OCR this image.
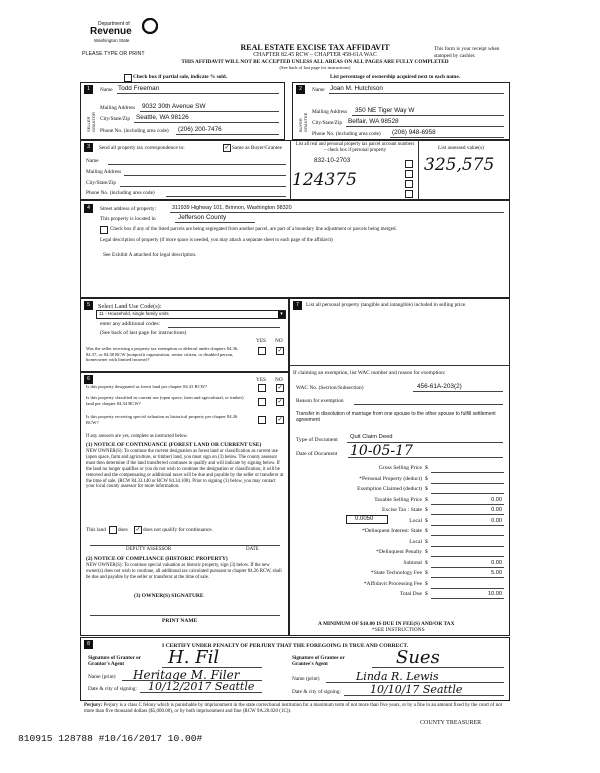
Department of
Revenue
Washington State
PLEASE TYPE OR PRINT
REAL ESTATE EXCISE TAX AFFIDAVIT
CHAPTER 82.45 RCW – CHAPTER 458-61A WAC
THIS AFFIDAVIT WILL NOT BE ACCEPTED UNLESS ALL AREAS ON ALL PAGES ARE FULLY COMPLETED
(See back of last page for instructions)
This form is your receipt when stamped by cashier.
Check box if partial sale, indicate % sold.	List percentage of ownership acquired next to each name.
1	2
SELLER GRANTOR	BUYER GRANTEE
Name Todd Freeman
Mailing Address 9032 30th Avenue SW
City/State/Zip Seattle, WA 98126
Phone No. (including area code) (206) 200-7476
Name Joan M. Hutchison
Mailing Address 350 NE Tiger Way W
City/State/Zip Belfair, WA 98528
Phone No. (including area code) (206) 948-6958
3	Send all property tax correspondence to:	✓ Same as Buyer/Grantee
Name
Mailing Address
City/State/Zip
Phone No. (including area code)
List all real and personal property tax parcel account numbers – check box if personal property
832-10-2703
124375
List assessed value(s)
325,575
4	Street address of property:	311939 Highway 101, Brinnon, Washington 98320
This property is located in	Jefferson County
Check box if any of the listed parcels are being segregated from another parcel, are part of a boundary line adjustment or parcels being merged.
Legal description of property (if more space is needed, you may attach a separate sheet to each page of the affidavit)
See Exhibit A attached for legal description.
5	Select Land Use Code(s):
11 - Household, single family units	▾
enter any additional codes:
(See back of last page for instructions)
YES NO
Was the seller receiving a property tax exemption or deferral under chapters 84.36, 84.37, or 84.38 RCW (nonprofit organization, senior citizen, or disabled person, homeowner with limited income)?
✓
6	YES NO
Is this property designated as forest land per chapter 84.33 RCW?	✓
Is this property classified as current use (open space, farm and agricultural, or timber) land per chapter 84.34 RCW?	✓
Is this property receiving special valuation as historical property per chapter 84.26 RCW?	✓
If any answers are yes, complete as instructed below.
(1) NOTICE OF CONTINUANCE (FOREST LAND OR CURRENT USE)
NEW OWNER(S): To continue the current designation as forest land or classification as current use (open space, farm and agriculture, or timber) land, you must sign on (3) below. The county assessor must then determine if the land transferred continues to qualify and will indicate by signing below. If the land no longer qualifies or you do not wish to continue the designation or classification, it will be removed and the compensating or additional taxes will be due and payable by the seller or transferor at the time of sale. (RCW 84.33.140 or RCW 84.34.108). Prior to signing (3) below, you may contact your local county assessor for more information.
This land does ✓ does not qualify for continuance.
DEPUTY ASSESSOR	DATE
(2) NOTICE OF COMPLIANCE (HISTORIC PROPERTY)
NEW OWNER(S): To continue special valuation as historic property, sign (3) below. If the new owner(s) does not wish to continue, all additional tax calculated pursuant to chapter 84.26 RCW, shall be due and payable by the seller or transferor at the time of sale.
(3) OWNER(S) SIGNATURE
PRINT NAME
7	List all personal property (tangible and intangible) included in selling price.
If claiming an exemption, list WAC number and reason for exemption:
WAC No. (Section/Subsection)	456-61A-203(2)
Reason for exemption
Transfer in dissolution of marriage from one spouse to the other spouse to fulfill settlement agreement
Type of Document Quit Claim Deed
Date of Document 10-05-17
Gross Selling Price $
*Personal Property (deduct) $
Exemption Claimed (deduct) $
Taxable Selling Price $	0.00
Excise Tax : State $	0.00
Local $	0.00
*Delinquent Interest: State $
Local $
*Delinquent Penalty $
Subtotal $	0.00
*State Technology Fee $	5.00
*Affidavit Processing Fee $
Total Due $	10.00
0.0050
A MINIMUM OF $10.00 IS DUE IN FEE(S) AND/OR TAX
*SEE INSTRUCTIONS
8	I CERTIFY UNDER PENALTY OF PERJURY THAT THE FOREGOING IS TRUE AND CORRECT.
Signature of Grantor or Grantor's Agent	H. Fil
Name (print) Heritage M. Filer
Date & city of signing: 10/12/2017 Seattle
Signature of Grantee or Grantee's Agent	Sues
Name (print)	Linda R. Lewis
Date & city of signing:	10/10/17 Seattle
Perjury: Perjury is a class C felony which is punishable by imprisonment in the state correctional institution for a maximum term of not more than five years, or by a fine in an amount fixed by the court of not more than five thousand dollars ($5,000.00), or by both imprisonment and fine (RCW 9A.20.020 (1C)).
COUNTY TREASURER
810915 128788 #10/16/2017 10.00#
